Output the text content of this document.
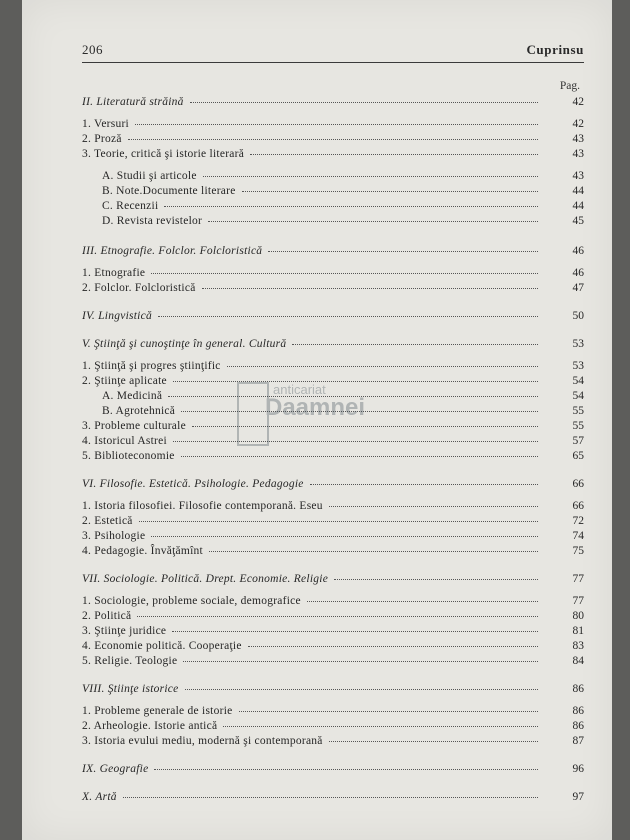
206	Cuprinsu
Pag.
II. Literatură străină	42
1. Versuri	42
2. Proză	43
3. Teorie, critică şi istorie literară	43
A. Studii şi articole	43
B. Note.Documente literare	44
C. Recenzii	44
D. Revista revistelor	45
III. Etnografie. Folclor. Folcloristică	46
1. Etnografie	46
2. Folclor. Folcloristică	47
IV. Lingvistică	50
V. Ştiinţă şi cunoştinţe în general. Cultură	53
1. Ştiinţă şi progres ştiinţific	53
2. Ştiinţe aplicate	54
A. Medicină	54
B. Agrotehnică	55
3. Probleme culturale	55
4. Istoricul Astrei	57
5. Biblioteconomie	65
VI. Filosofie. Estetică. Psihologie. Pedagogie	66
1. Istoria filosofiei. Filosofie contemporană. Eseu	66
2. Estetică	72
3. Psihologie	74
4. Pedagogie. Învăţămînt	75
VII. Sociologie. Politică. Drept. Economie. Religie	77
1. Sociologie, probleme sociale, demografice	77
2. Politică	80
3. Ştiinţe juridice	81
4. Economie politică. Cooperaţie	83
5. Religie. Teologie	84
VIII. Ştiinţe istorice	86
1. Probleme generale de istorie	86
2. Arheologie. Istorie antică	86
3. Istoria evului mediu, modernă şi contemporană	87
IX. Geografie	96
X. Artă	97
anticariat
Daamnei
